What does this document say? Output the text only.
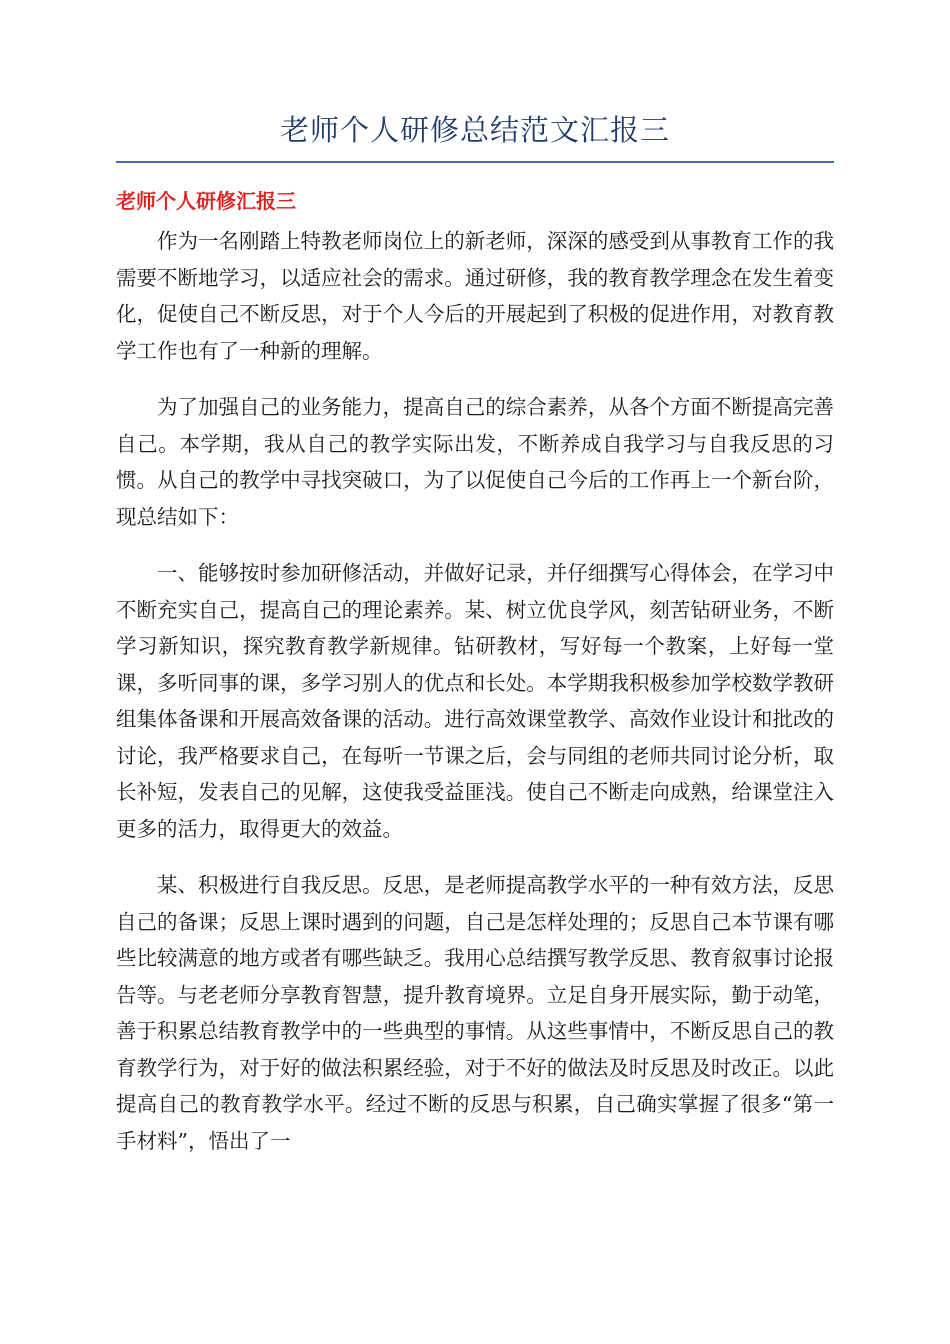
老师个人研修总结范文汇报三
老师个人研修汇报三

作为一名刚踏上特教老师岗位上的新老师，深深的感受到从事教育工作的我需要不断地学习，以适应社会的需求。通过研修，我的教育教学理念在发生着变化，促使自己不断反思，对于个人今后的开展起到了积极的促进作用，对教育教学工作也有了一种新的理解。

为了加强自己的业务能力，提高自己的综合素养，从各个方面不断提高完善自己。本学期，我从自己的教学实际出发，不断养成自我学习与自我反思的习惯。从自己的教学中寻找突破口，为了以促使自己今后的工作再上一个新台阶，现总结如下：

一、能够按时参加研修活动，并做好记录，并仔细撰写心得体会，在学习中不断充实自己，提高自己的理论素养。某、树立优良学风，刻苦钻研业务，不断学习新知识，探究教育教学新规律。钻研教材，写好每一个教案，上好每一堂课，多听同事的课，多学习别人的优点和长处。本学期我积极参加学校数学教研组集体备课和开展高效备课的活动。进行高效课堂教学、高效作业设计和批改的讨论，我严格要求自己，在每听一节课之后，会与同组的老师共同讨论分析，取长补短，发表自己的见解，这使我受益匪浅。使自己不断走向成熟，给课堂注入更多的活力，取得更大的效益。

某、积极进行自我反思。反思，是老师提高教学水平的一种有效方法，反思自己的备课；反思上课时遇到的问题，自己是怎样处理的；反思自己本节课有哪些比较满意的地方或者有哪些缺乏。我用心总结撰写教学反思、教育叙事讨论报告等。与老老师分享教育智慧，提升教育境界。立足自身开展实际，勤于动笔，善于积累总结教育教学中的一些典型的事情。从这些事情中，不断反思自己的教育教学行为，对于好的做法积累经验，对于不好的做法及时反思及时改正。以此提高自己的教育教学水平。经过不断的反思与积累，自己确实掌握了很多“第一手材料”，悟出了一
